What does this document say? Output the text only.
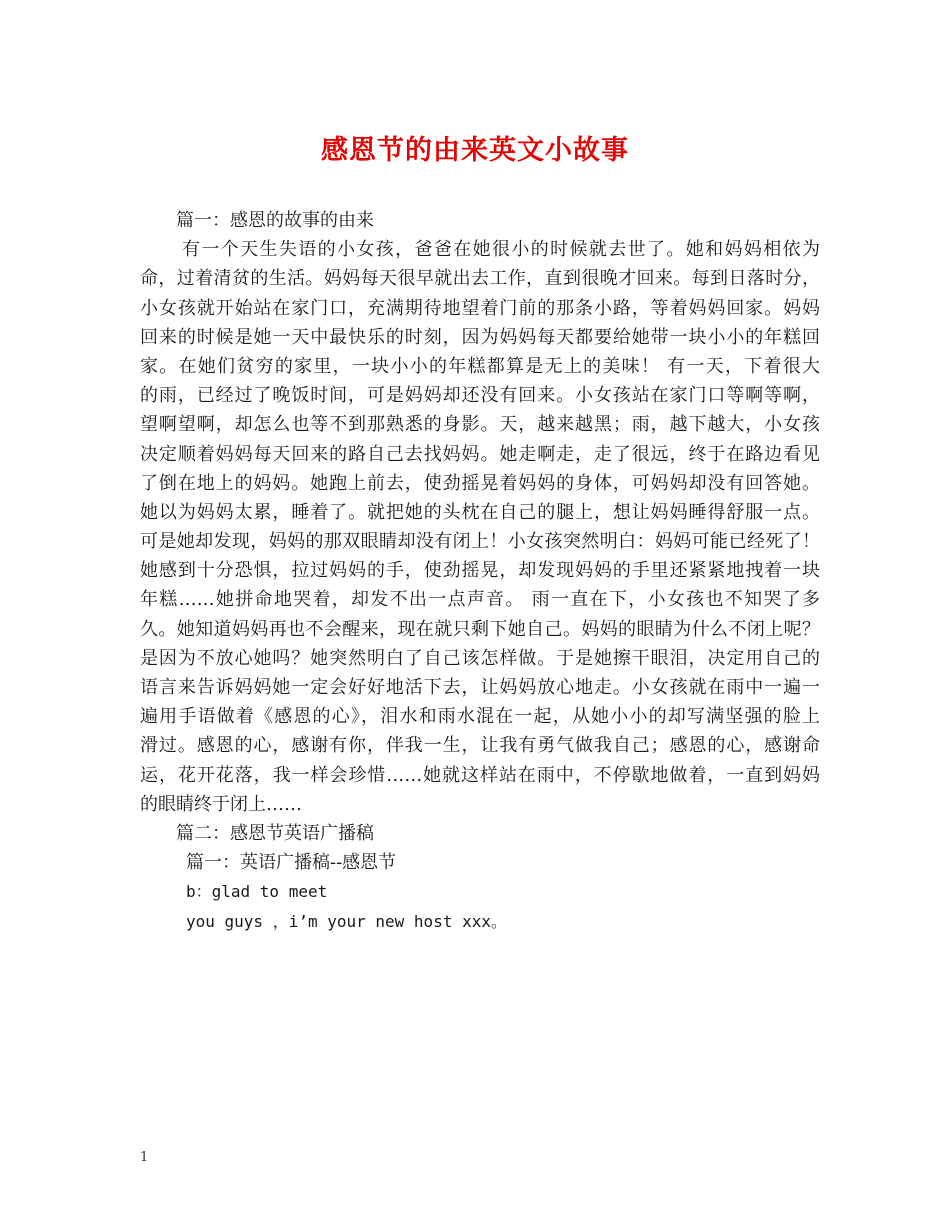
感恩节的由来英文小故事
篇一：感恩的故事的由来
有一个天生失语的小女孩，爸爸在她很小的时候就去世了。她和妈妈相依为
命，过着清贫的生活。妈妈每天很早就出去工作，直到很晚才回来。每到日落时分，
小女孩就开始站在家门口，充满期待地望着门前的那条小路，等着妈妈回家。妈妈
回来的时候是她一天中最快乐的时刻，因为妈妈每天都要给她带一块小小的年糕回
家。在她们贫穷的家里，一块小小的年糕都算是无上的美味！ 有一天，下着很大
的雨，已经过了晚饭时间，可是妈妈却还没有回来。小女孩站在家门口等啊等啊，
望啊望啊，却怎么也等不到那熟悉的身影。天，越来越黑；雨，越下越大，小女孩
决定顺着妈妈每天回来的路自己去找妈妈。她走啊走，走了很远，终于在路边看见
了倒在地上的妈妈。她跑上前去，使劲摇晃着妈妈的身体，可妈妈却没有回答她。
她以为妈妈太累，睡着了。就把她的头枕在自己的腿上，想让妈妈睡得舒服一点。
可是她却发现，妈妈的那双眼睛却没有闭上！小女孩突然明白：妈妈可能已经死了！
她感到十分恐惧，拉过妈妈的手，使劲摇晃，却发现妈妈的手里还紧紧地拽着一块
年糕……她拼命地哭着，却发不出一点声音。 雨一直在下，小女孩也不知哭了多
久。她知道妈妈再也不会醒来，现在就只剩下她自己。妈妈的眼睛为什么不闭上呢？
是因为不放心她吗？她突然明白了自己该怎样做。于是她擦干眼泪，决定用自己的
语言来告诉妈妈她一定会好好地活下去，让妈妈放心地走。小女孩就在雨中一遍一
遍用手语做着《感恩的心》，泪水和雨水混在一起，从她小小的却写满坚强的脸上
滑过。感恩的心，感谢有你，伴我一生，让我有勇气做我自己；感恩的心，感谢命
运，花开花落，我一样会珍惜……她就这样站在雨中，不停歇地做着，一直到妈妈
的眼睛终于闭上……
篇二：感恩节英语广播稿
篇一：英语广播稿--感恩节
b：glad to meet
you guys ，i’m your new host xxx。
1
